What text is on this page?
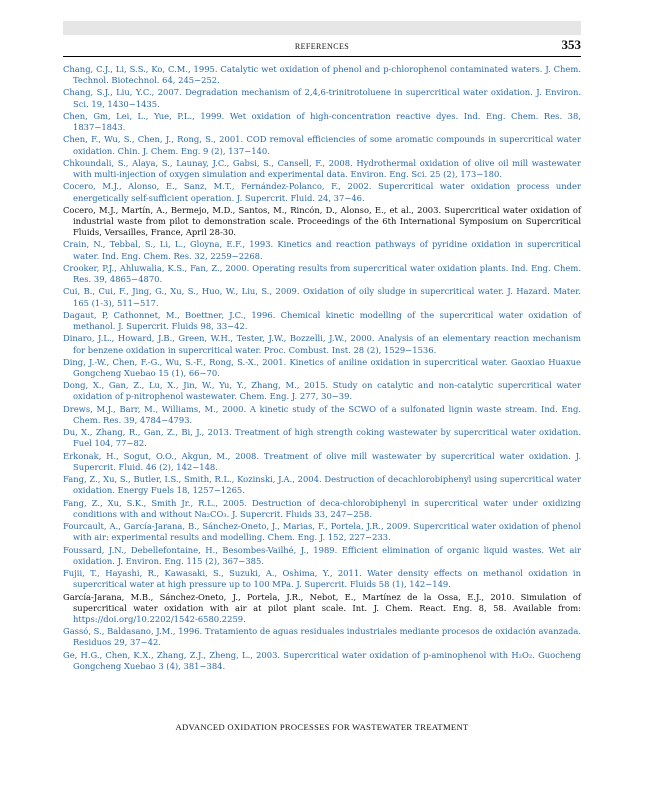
REFERENCES	353
Chang, C.J., Li, S.S., Ko, C.M., 1995. Catalytic wet oxidation of phenol and p-chlorophenol contaminated waters. J. Chem. Technol. Biotechnol. 64, 245−252.
Chang, S.J., Liu, Y.C., 2007. Degradation mechanism of 2,4,6-trinitrotoluene in supercritical water oxidation. J. Environ. Sci. 19, 1430−1435.
Chen, Gm, Lei, L., Yue, P.L., 1999. Wet oxidation of high-concentration reactive dyes. Ind. Eng. Chem. Res. 38, 1837−1843.
Chen, F., Wu, S., Chen, J., Rong, S., 2001. COD removal efficiencies of some aromatic compounds in supercritical water oxidation. Chin. J. Chem. Eng. 9 (2), 137−140.
Chkoundali, S., Alaya, S., Launay, J.C., Gabsi, S., Cansell, F., 2008. Hydrothermal oxidation of olive oil mill wastewater with multi-injection of oxygen simulation and experimental data. Environ. Eng. Sci. 25 (2), 173−180.
Cocero, M.J., Alonso, E., Sanz, M.T., Fernández-Polanco, F., 2002. Supercritical water oxidation process under energetically self-sufficient operation. J. Supercrit. Fluid. 24, 37−46.
Cocero, M.J., Martín, A., Bermejo, M.D., Santos, M., Rincón, D., Alonso, E., et al., 2003. Supercritical water oxidation of industrial waste from pilot to demonstration scale. Proceedings of the 6th International Symposium on Supercritical Fluids, Versailles, France, April 28-30.
Crain, N., Tebbal, S., Li, L., Gloyna, E.F., 1993. Kinetics and reaction pathways of pyridine oxidation in supercritical water. Ind. Eng. Chem. Res. 32, 2259−2268.
Crooker, P.J., Ahluwalia, K.S., Fan, Z., 2000. Operating results from supercritical water oxidation plants. Ind. Eng. Chem. Res. 39, 4865−4870.
Cui, B., Cui, F., Jing, G., Xu, S., Huo, W., Liu, S., 2009. Oxidation of oily sludge in supercritical water. J. Hazard. Mater. 165 (1-3), 511−517.
Dagaut, P, Cathonnet, M., Boettner, J.C., 1996. Chemical kinetic modelling of the supercritical water oxidation of methanol. J. Supercrit. Fluids 98, 33−42.
Dinaro, J.L., Howard, J.B., Green, W.H., Tester, J.W., Bozzelli, J.W., 2000. Analysis of an elementary reaction mechanism for benzene oxidation in supercritical water. Proc. Combust. Inst. 28 (2), 1529−1536.
Ding, J.-W., Chen, F.-G., Wu, S.-F., Rong, S.-X., 2001. Kinetics of aniline oxidation in supercritical water. Gaoxiao Huaxue Gongcheng Xuebao 15 (1), 66−70.
Dong, X., Gan, Z., Lu, X., Jin, W., Yu, Y., Zhang, M., 2015. Study on catalytic and non-catalytic supercritical water oxidation of p-nitrophenol wastewater. Chem. Eng. J. 277, 30−39.
Drews, M.J., Barr, M., Williams, M., 2000. A kinetic study of the SCWO of a sulfonated lignin waste stream. Ind. Eng. Chem. Res. 39, 4784−4793.
Du, X., Zhang, R., Gan, Z., Bi, J., 2013. Treatment of high strength coking wastewater by supercritical water oxidation. Fuel 104, 77−82.
Erkonak, H., Sogut, O.O., Akgun, M., 2008. Treatment of olive mill wastewater by supercritical water oxidation. J. Supercrit. Fluid. 46 (2), 142−148.
Fang, Z., Xu, S., Butler, I.S., Smith, R.L., Kozinski, J.A., 2004. Destruction of decachlorobiphenyl using supercritical water oxidation. Energy Fuels 18, 1257−1265.
Fang, Z., Xu, S.K., Smith Jr., R.L., 2005. Destruction of deca-chlorobiphenyl in supercritical water under oxidizing conditions with and without Na₂CO₃. J. Supercrit. Fluids 33, 247−258.
Fourcault, A., García-Jarana, B., Sánchez-Oneto, J., Marias, F., Portela, J.R., 2009. Supercritical water oxidation of phenol with air: experimental results and modelling. Chem. Eng. J. 152, 227−233.
Foussard, J.N., Debellefontaine, H., Besombes-Vailhé, J., 1989. Efficient elimination of organic liquid wastes. Wet air oxidation. J. Environ. Eng. 115 (2), 367−385.
Fujii, T., Hayashi, R., Kawasaki, S., Suzuki, A., Oshima, Y., 2011. Water density effects on methanol oxidation in supercritical water at high pressure up to 100 MPa. J. Supercrit. Fluids 58 (1), 142−149.
García-Jarana, M.B., Sánchez-Oneto, J., Portela, J.R., Nebot, E., Martínez de la Ossa, E.J., 2010. Simulation of supercritical water oxidation with air at pilot plant scale. Int. J. Chem. React. Eng. 8, 58. Available from: https://doi.org/10.2202/1542-6580.2259.
Gassó, S., Baldasano, J.M., 1996. Tratamiento de aguas residuales industriales mediante procesos de oxidación avanzada. Residuos 29, 37−42.
Ge, H.G., Chen, K.X., Zhang, Z.J., Zheng, L., 2003. Supercritical water oxidation of p-aminophenol with H₂O₂. Guocheng Gongcheng Xuebao 3 (4), 381−384.
ADVANCED OXIDATION PROCESSES FOR WASTEWATER TREATMENT
